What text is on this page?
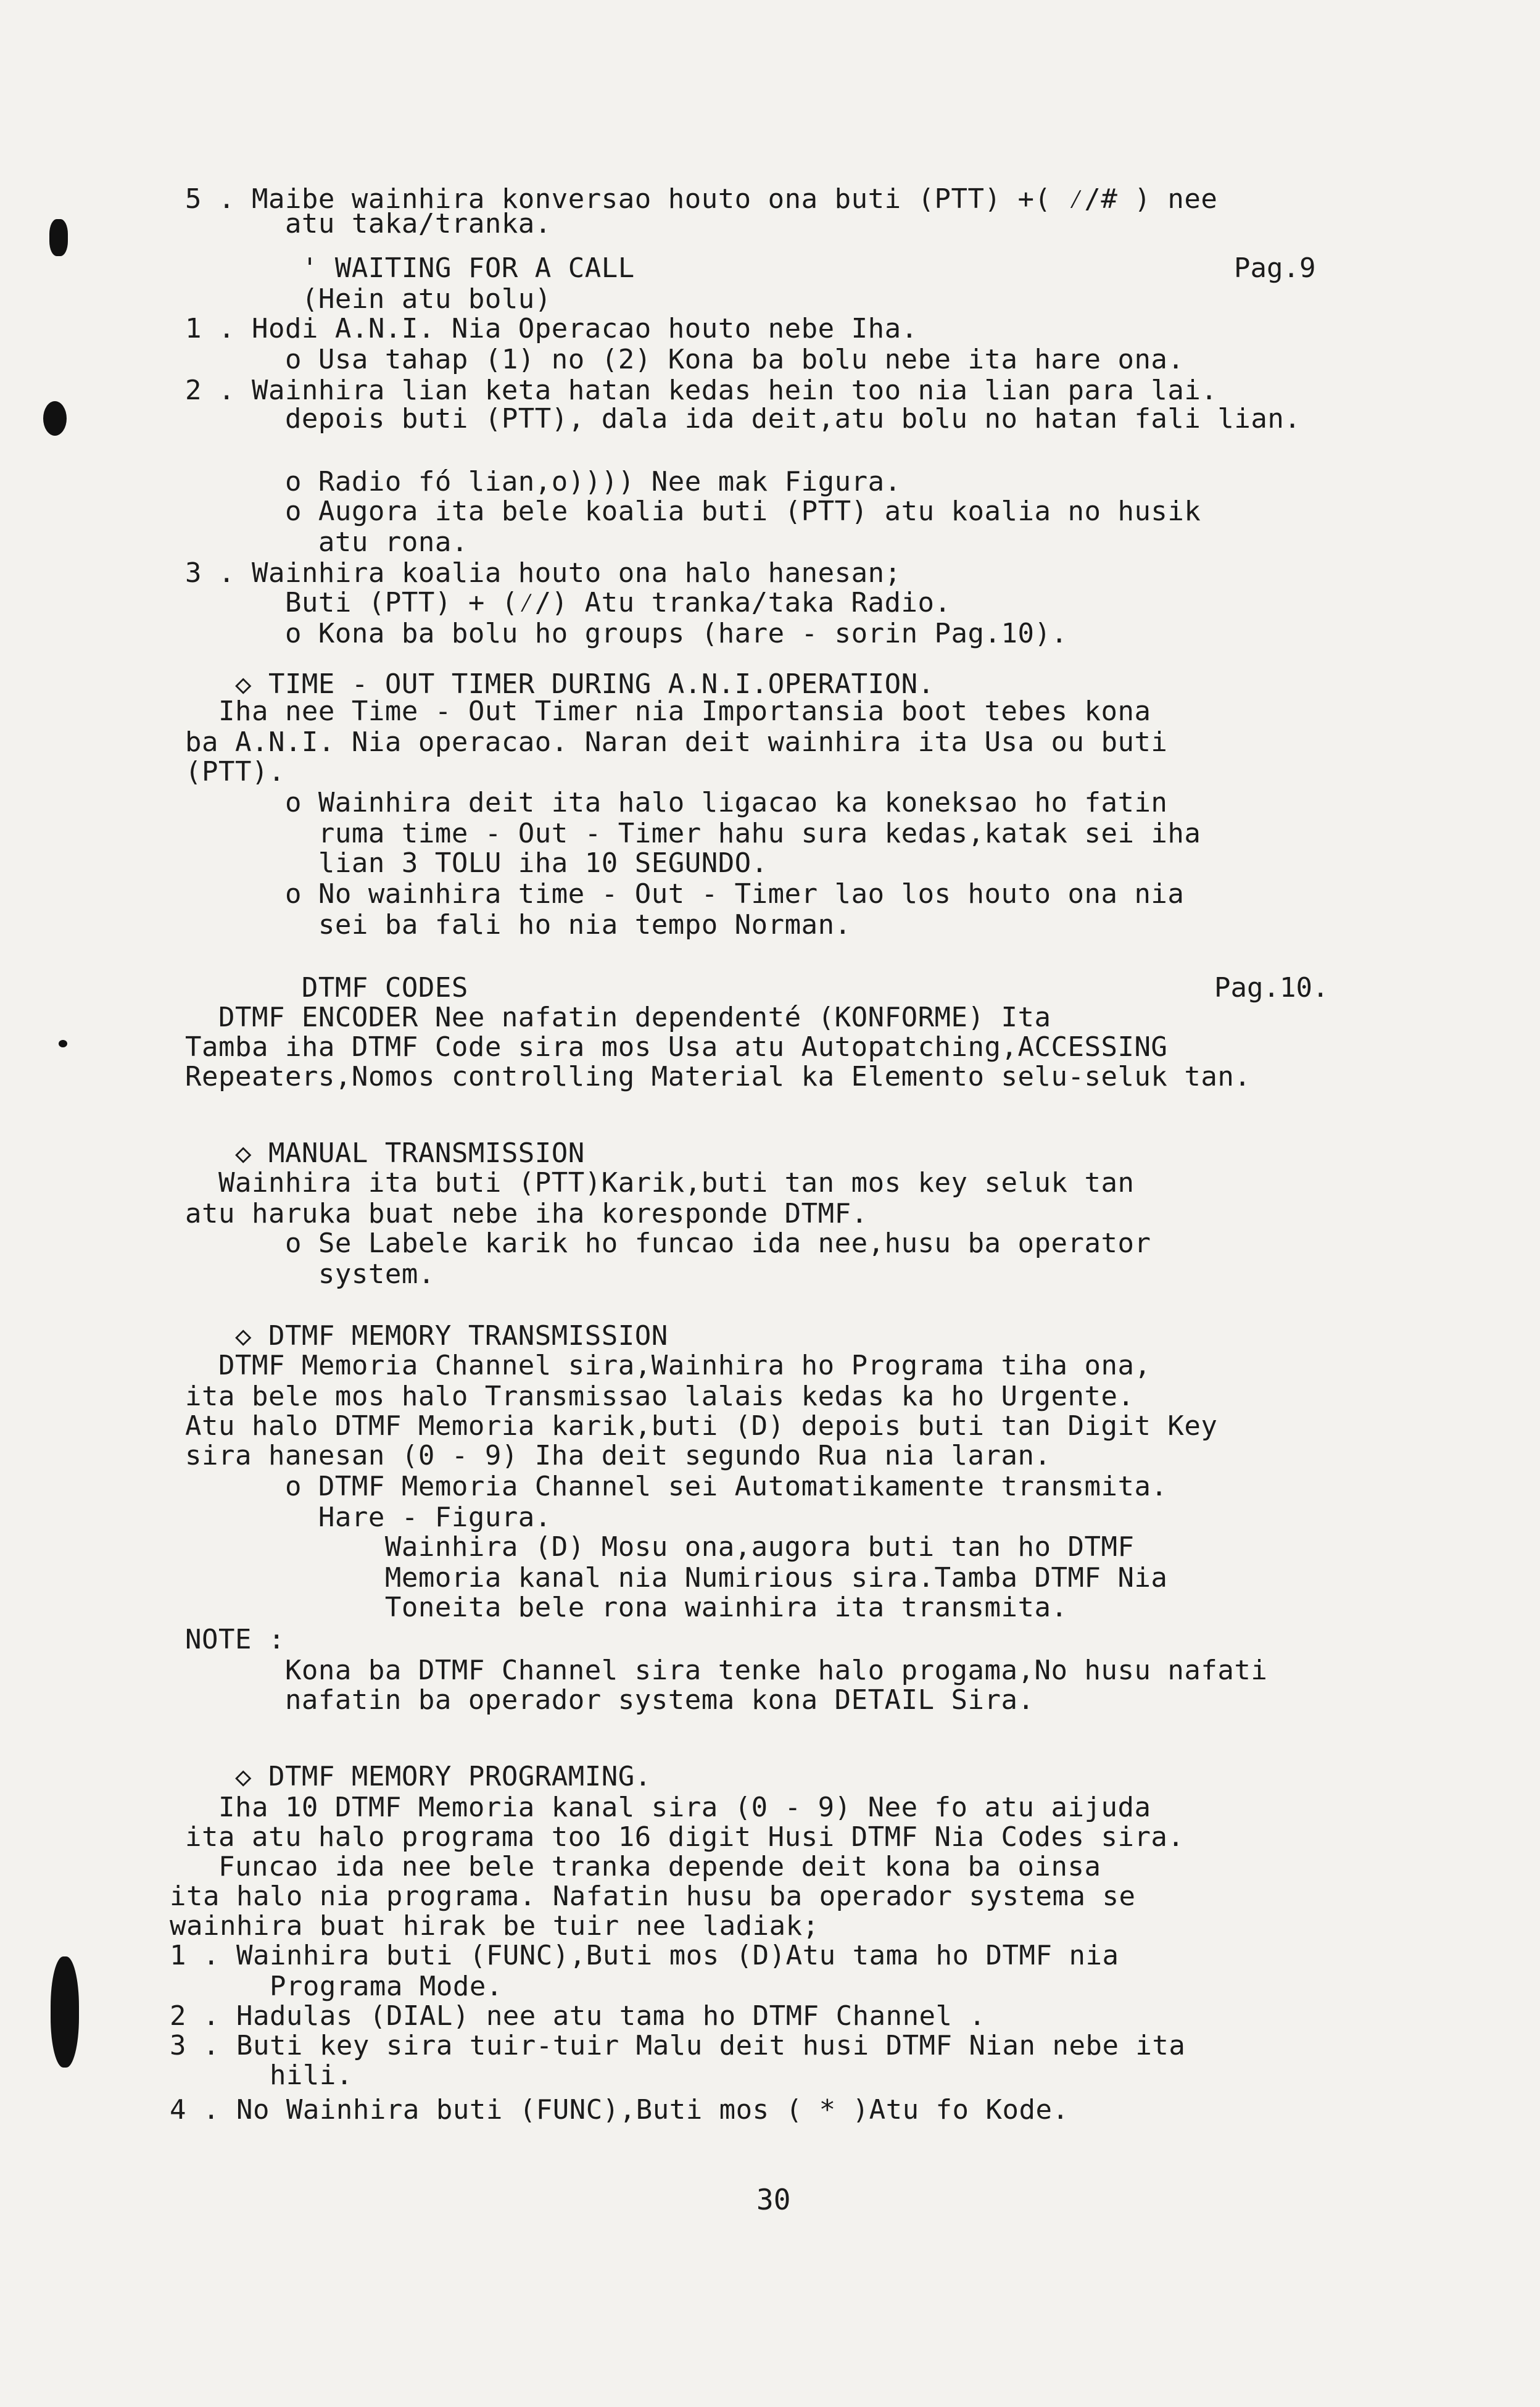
5 . Maibe wainhira konversao houto ona buti (PTT) +( ⁄/# ) nee
atu taka/tranka.
' WAITING FOR A CALL	Pag.9
(Hein atu bolu)
1 . Hodi A.N.I. Nia Operacao houto nebe Iha.
o Usa tahap (1) no (2) Kona ba bolu nebe ita hare ona.
2 . Wainhira lian keta hatan kedas hein too nia lian para lai.
depois buti (PTT), dala ida deit,atu bolu no hatan fali lian.
o Radio fó lian,o)))) Nee mak Figura.
o Augora ita bele koalia buti (PTT) atu koalia no husik
atu rona.
3 . Wainhira koalia houto ona halo hanesan;
Buti (PTT) + (⁄/) Atu tranka/taka Radio.
o Kona ba bolu ho groups (hare - sorin Pag.10).
◇ TIME - OUT TIMER DURING A.N.I.OPERATION.
Iha nee Time - Out Timer nia Importansia boot tebes kona
ba A.N.I. Nia operacao. Naran deit wainhira ita Usa ou buti
(PTT).
o Wainhira deit ita halo ligacao ka koneksao ho fatin
ruma time - Out - Timer hahu sura kedas,katak sei iha
lian 3 TOLU iha 10 SEGUNDO.
o No wainhira time - Out - Timer lao los houto ona nia
sei ba fali ho nia tempo Norman.
DTMF CODES	Pag.10.
DTMF ENCODER Nee nafatin dependenté (KONFORME) Ita
Tamba iha DTMF Code sira mos Usa atu Autopatching,ACCESSING
Repeaters,Nomos controlling Material ka Elemento selu-seluk tan.
◇ MANUAL TRANSMISSION
Wainhira ita buti (PTT)Karik,buti tan mos key seluk tan
atu haruka buat nebe iha koresponde DTMF.
o Se Labele karik ho funcao ida nee,husu ba operator
system.
◇ DTMF MEMORY TRANSMISSION
DTMF Memoria Channel sira,Wainhira ho Programa tiha ona,
ita bele mos halo Transmissao lalais kedas ka ho Urgente.
Atu halo DTMF Memoria karik,buti (D) depois buti tan Digit Key
sira hanesan (0 - 9) Iha deit segundo Rua nia laran.
o DTMF Memoria Channel sei Automatikamente transmita.
Hare - Figura.
Wainhira (D) Mosu ona,augora buti tan ho DTMF
Memoria kanal nia Numirious sira.Tamba DTMF Nia
Toneita bele rona wainhira ita transmita.
NOTE :
Kona ba DTMF Channel sira tenke halo progama,No husu nafati
nafatin ba operador systema kona DETAIL Sira.
◇ DTMF MEMORY PROGRAMING.
Iha 10 DTMF Memoria kanal sira (0 - 9) Nee fo atu aijuda
ita atu halo programa too 16 digit Husi DTMF Nia Codes sira.
Funcao ida nee bele tranka depende deit kona ba oinsa
ita halo nia programa. Nafatin husu ba operador systema se
wainhira buat hirak be tuir nee ladiak;
1 . Wainhira buti (FUNC),Buti mos (D)Atu tama ho DTMF nia
Programa Mode.
2 . Hadulas (DIAL) nee atu tama ho DTMF Channel .
3 . Buti key sira tuir-tuir Malu deit husi DTMF Nian nebe ita
hili.
4 . No Wainhira buti (FUNC),Buti mos ( * )Atu fo Kode.
30
